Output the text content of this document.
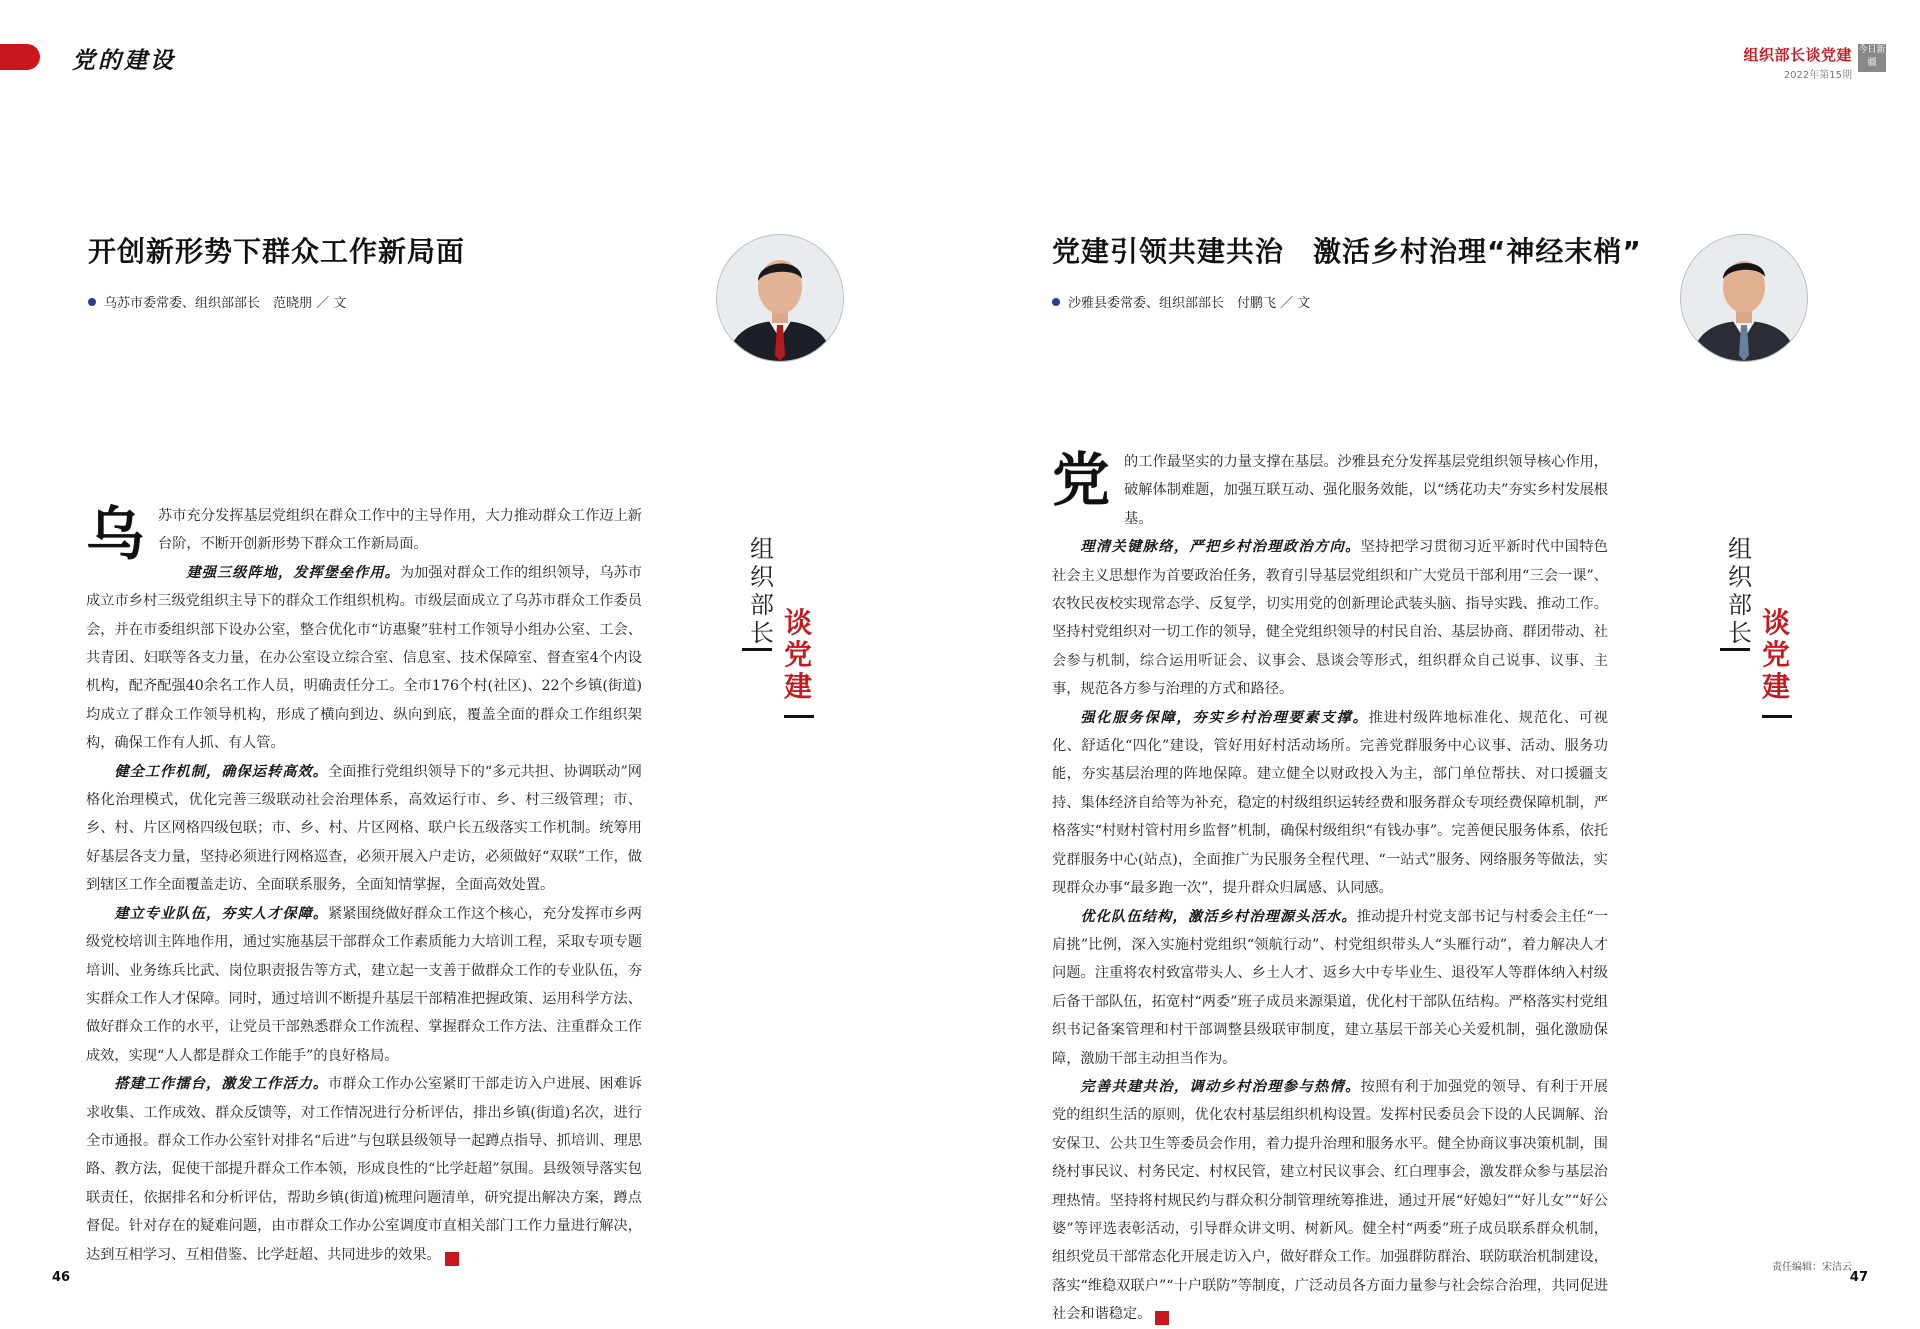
党的建设
开创新形势下群众工作新局面
乌苏市委常委、组织部部长　范晓朋 ／ 文
组织部长 谈党建

乌苏市充分发挥基层党组织在群众工作中的主导作用，大力推动群众工作迈上新台阶，不断开创新形势下群众工作新局面。

建强三级阵地，发挥堡垒作用。为加强对群众工作的组织领导，乌苏市成立市乡村三级党组织主导下的群众工作组织机构。市级层面成立了乌苏市群众工作委员会，并在市委组织部下设办公室，整合优化市“访惠聚”驻村工作领导小组办公室、工会、共青团、妇联等各支力量，在办公室设立综合室、信息室、技术保障室、督查室4个内设机构，配齐配强40余名工作人员，明确责任分工。全市176个村(社区)、22个乡镇(街道)均成立了群众工作领导机构，形成了横向到边、纵向到底，覆盖全面的群众工作组织架构，确保工作有人抓、有人管。

健全工作机制，确保运转高效。全面推行党组织领导下的“多元共担、协调联动”网格化治理模式，优化完善三级联动社会治理体系，高效运行市、乡、村三级管理；市、乡、村、片区网格四级包联；市、乡、村、片区网格、联户长五级落实工作机制。统筹用好基层各支力量，坚持必须进行网格巡查，必须开展入户走访，必须做好“双联”工作，做到辖区工作全面覆盖走访、全面联系服务，全面知情掌握，全面高效处置。

建立专业队伍，夯实人才保障。紧紧围绕做好群众工作这个核心，充分发挥市乡两级党校培训主阵地作用，通过实施基层干部群众工作素质能力大培训工程，采取专项专题培训、业务练兵比武、岗位职责报告等方式，建立起一支善于做群众工作的专业队伍，夯实群众工作人才保障。同时，通过培训不断提升基层干部精准把握政策、运用科学方法、做好群众工作的水平，让党员干部熟悉群众工作流程、掌握群众工作方法、注重群众工作成效，实现“人人都是群众工作能手”的良好格局。

搭建工作擂台，激发工作活力。市群众工作办公室紧盯干部走访入户进展、困难诉求收集、工作成效、群众反馈等，对工作情况进行分析评估，排出乡镇(街道)名次，进行全市通报。群众工作办公室针对排名“后进”与包联县级领导一起蹲点指导、抓培训、理思路、教方法，促使干部提升群众工作本领，形成良性的“比学赶超”氛围。县级领导落实包联责任，依据排名和分析评估，帮助乡镇(街道)梳理问题清单，研究提出解决方案，蹲点督促。针对存在的疑难问题，由市群众工作办公室调度市直相关部门工作力量进行解决，达到互相学习、互相借鉴、比学赶超、共同进步的效果。	J

46
组织部长谈党建
2022年第15期
今日新疆
党建引领共建共治　激活乡村治理“神经末梢”
沙雅县委常委、组织部部长　付鹏飞 ／ 文
组织部长 谈党建

党的工作最坚实的力量支撑在基层。沙雅县充分发挥基层党组织领导核心作用，破解体制难题，加强互联互动、强化服务效能，以“绣花功夫”夯实乡村发展根基。

理清关键脉络，严把乡村治理政治方向。坚持把学习贯彻习近平新时代中国特色社会主义思想作为首要政治任务，教育引导基层党组织和广大党员干部利用“三会一课”、农牧民夜校实现常态学、反复学，切实用党的创新理论武装头脑、指导实践、推动工作。坚持村党组织对一切工作的领导，健全党组织领导的村民自治、基层协商、群团带动、社会参与机制，综合运用听证会、议事会、恳谈会等形式，组织群众自己说事、议事、主事，规范各方参与治理的方式和路径。

强化服务保障，夯实乡村治理要素支撑。推进村级阵地标准化、规范化、可视化、舒适化“四化”建设，管好用好村活动场所。完善党群服务中心议事、活动、服务功能，夯实基层治理的阵地保障。建立健全以财政投入为主，部门单位帮扶、对口援疆支持、集体经济自给等为补充，稳定的村级组织运转经费和服务群众专项经费保障机制，严格落实“村财村管村用乡监督”机制，确保村级组织“有钱办事”。完善便民服务体系，依托党群服务中心(站点)，全面推广为民服务全程代理、“一站式”服务、网络服务等做法，实现群众办事“最多跑一次”，提升群众归属感、认同感。

优化队伍结构，激活乡村治理源头活水。推动提升村党支部书记与村委会主任“一肩挑”比例，深入实施村党组织“领航行动”、村党组织带头人“头雁行动”，着力解决人才问题。注重将农村致富带头人、乡土人才、返乡大中专毕业生、退役军人等群体纳入村级后备干部队伍，拓宽村“两委”班子成员来源渠道，优化村干部队伍结构。严格落实村党组织书记备案管理和村干部调整县级联审制度，建立基层干部关心关爱机制，强化激励保障，激励干部主动担当作为。

完善共建共治，调动乡村治理参与热情。按照有利于加强党的领导、有利于开展党的组织生活的原则，优化农村基层组织机构设置。发挥村民委员会下设的人民调解、治安保卫、公共卫生等委员会作用，着力提升治理和服务水平。健全协商议事决策机制，围绕村事民议、村务民定、村权民管，建立村民议事会、红白理事会，激发群众参与基层治理热情。坚持将村规民约与群众积分制管理统筹推进，通过开展“好媳妇”“好儿女”“好公婆”等评选表彰活动，引导群众讲文明、树新风。健全村“两委”班子成员联系群众机制，组织党员干部常态化开展走访入户，做好群众工作。加强群防群治、联防联治机制建设，落实“维稳双联户”“十户联防”等制度，广泛动员各方面力量参与社会综合治理，共同促进社会和谐稳定。	J

责任编辑：宋洁云
47
